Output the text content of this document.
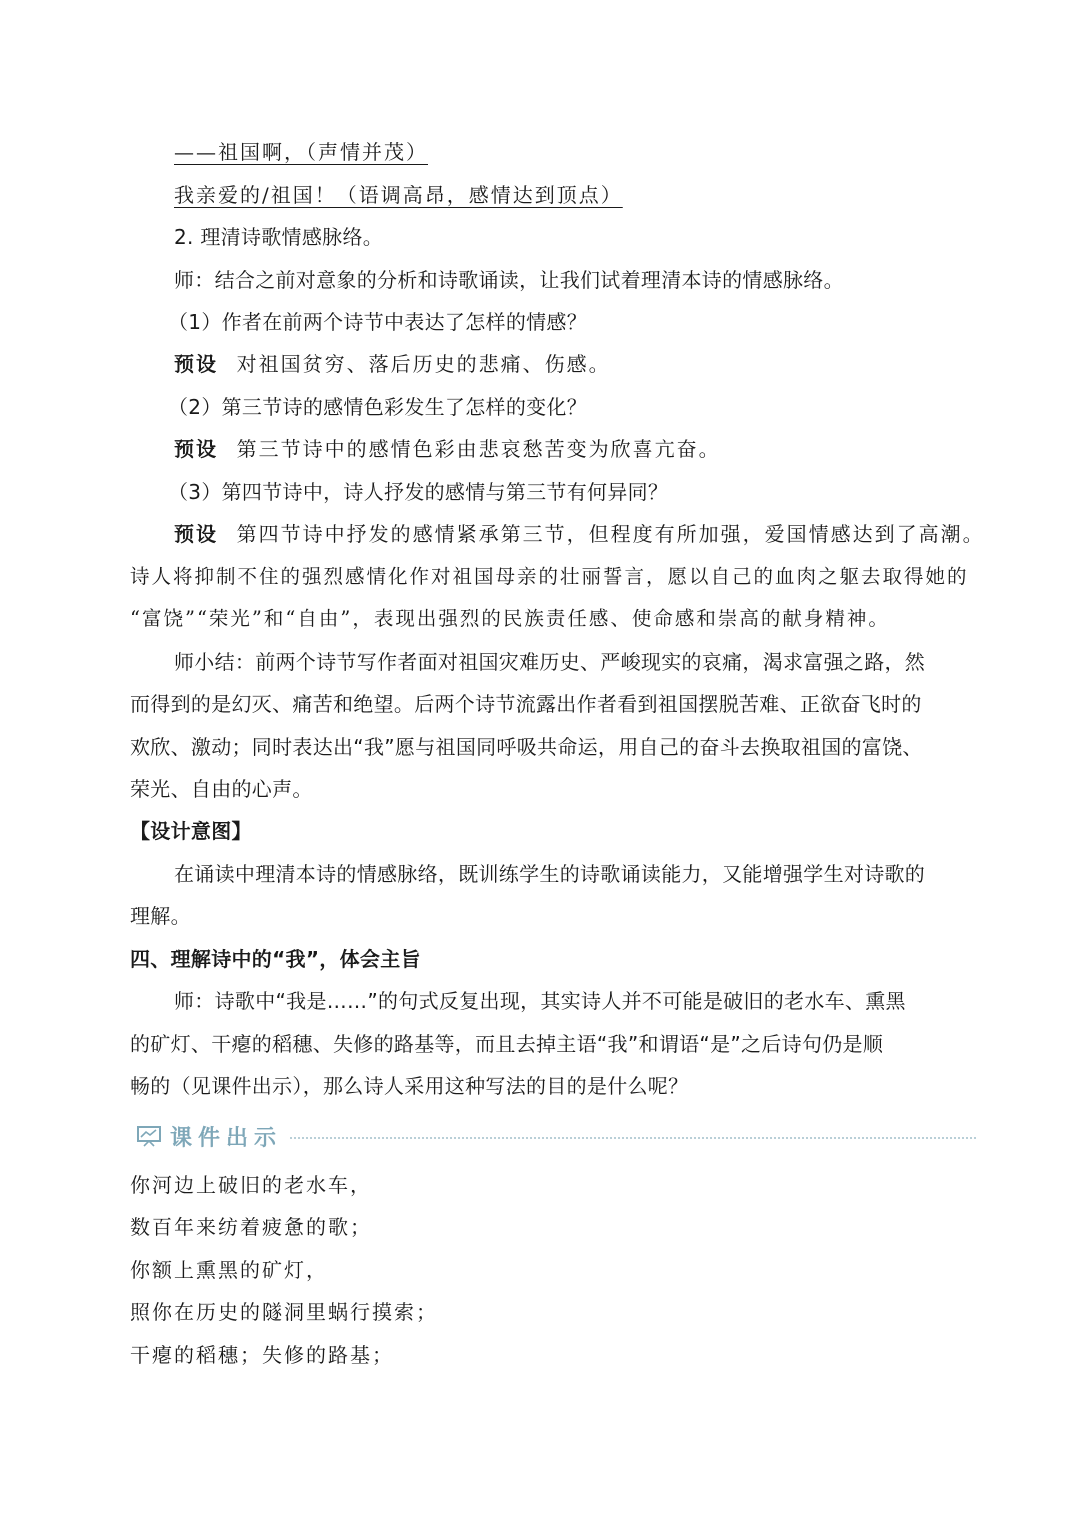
——祖国啊，（声情并茂）
我亲爱的/祖国！（语调高昂，感情达到顶点）
2. 理清诗歌情感脉络。
师：结合之前对意象的分析和诗歌诵读，让我们试着理清本诗的情感脉络。
（1）作者在前两个诗节中表达了怎样的情感？
预设 对祖国贫穷、落后历史的悲痛、伤感。
（2）第三节诗的感情色彩发生了怎样的变化？
预设 第三节诗中的感情色彩由悲哀愁苦变为欣喜亢奋。
（3）第四节诗中，诗人抒发的感情与第三节有何异同？
预设 第四节诗中抒发的感情紧承第三节，但程度有所加强，爱国情感达到了高潮。
诗人将抑制不住的强烈感情化作对祖国母亲的壮丽誓言，愿以自己的血肉之躯去取得她的
“富饶”“荣光”和“自由”，表现出强烈的民族责任感、使命感和崇高的献身精神。
师小结：前两个诗节写作者面对祖国灾难历史、严峻现实的哀痛，渴求富强之路，然
而得到的是幻灭、痛苦和绝望。后两个诗节流露出作者看到祖国摆脱苦难、正欲奋飞时的
欢欣、激动；同时表达出“我”愿与祖国同呼吸共命运，用自己的奋斗去换取祖国的富饶、
荣光、自由的心声。
【设计意图】
在诵读中理清本诗的情感脉络，既训练学生的诗歌诵读能力，又能增强学生对诗歌的
理解。
四、理解诗中的“我”，体会主旨
师：诗歌中“我是……”的句式反复出现，其实诗人并不可能是破旧的老水车、熏黑
的矿灯、干瘪的稻穗、失修的路基等，而且去掉主语“我”和谓语“是”之后诗句仍是顺
畅的（见课件出示），那么诗人采用这种写法的目的是什么呢？
课件出示
你河边上破旧的老水车，
数百年来纺着疲惫的歌；
你额上熏黑的矿灯，
照你在历史的隧洞里蜗行摸索；
干瘪的稻穗；失修的路基；
